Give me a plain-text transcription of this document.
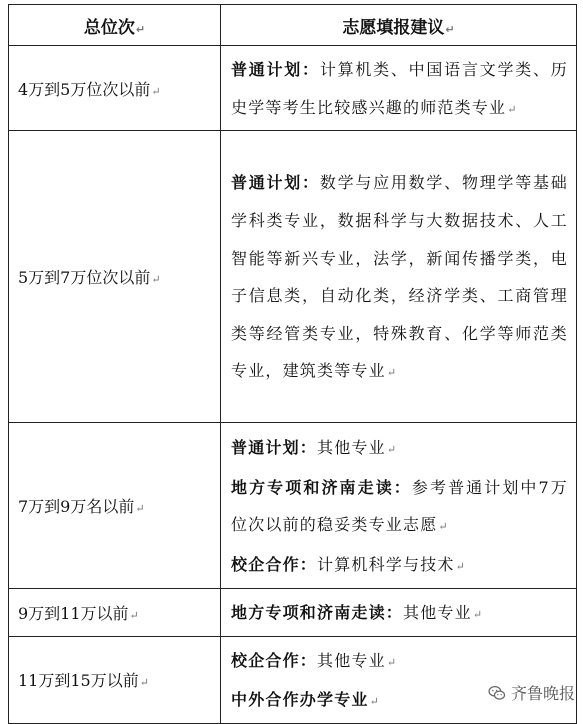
总位次↵	志愿填报建议↵
4万到5万位次以前↵	普通计划：计算机类、中国语言文学类、历史学等考生比较感兴趣的师范类专业↵

5万到7万位次以前↵	普通计划：数学与应用数学、物理学等基础学科类专业，数据科学与大数据技术、人工智能等新兴专业，法学，新闻传播学类，电子信息类，自动化类，经济学类、工商管理类等经管类专业，特殊教育、化学等师范类专业，建筑类等专业↵

7万到9万名以前↵	普通计划：其他专业↵
地方专项和济南走读：参考普通计划中7万位次以前的稳妥类专业志愿↵
校企合作：计算机科学与技术↵

9万到11万以前↵	地方专项和济南走读：其他专业↵

11万到15万以前↵	校企合作：其他专业↵
中外合作办学专业↵	齐鲁晚报
